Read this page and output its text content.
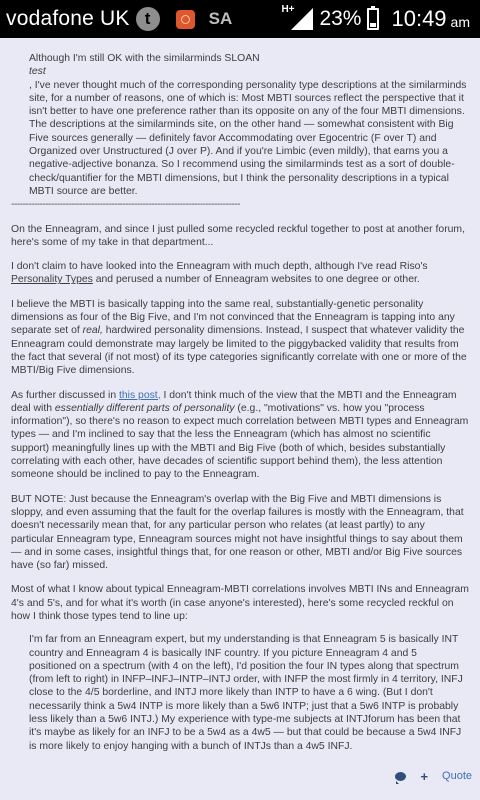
vodafone UK t	SA	H+ 23% 10:49 am

Although I'm still OK with the similarminds SLOAN

test

, I've never thought much of the corresponding personality type descriptions at the similarminds site, for a number of reasons, one of which is: Most MBTI sources reflect the perspective that it isn't better to have one preference rather than its opposite on any of the four MBTI dimensions. The descriptions at the similarminds site, on the other hand — somewhat consistent with Big Five sources generally — definitely favor Accommodating over Egocentric (F over T) and Organized over Unstructured (J over P). And if you're Limbic (even mildly), that earns you a negative-adjective bonanza. So I recommend using the similarminds test as a sort of double-check/quantifier for the MBTI dimensions, but I think the personality descriptions in a typical MBTI source are better.

--------------------------------------------------------------------------------

On the Enneagram, and since I just pulled some recycled reckful together to post at another forum, here's some of my take in that department...

I don't claim to have looked into the Enneagram with much depth, although I've read Riso's Personality Types and perused a number of Enneagram websites to one degree or other.

I believe the MBTI is basically tapping into the same real, substantially-genetic personality dimensions as four of the Big Five, and I'm not convinced that the Enneagram is tapping into any separate set of real, hardwired personality dimensions. Instead, I suspect that whatever validity the Enneagram could demonstrate may largely be limited to the piggybacked validity that results from the fact that several (if not most) of its type categories significantly correlate with one or more of the MBTI/Big Five dimensions.

As further discussed in this post, I don't think much of the view that the MBTI and the Enneagram deal with essentially different parts of personality (e.g., "motivations" vs. how you "process information"), so there's no reason to expect much correlation between MBTI types and Enneagram types — and I'm inclined to say that the less the Enneagram (which has almost no scientific support) meaningfully lines up with the MBTI and Big Five (both of which, besides substantially correlating with each other, have decades of scientific support behind them), the less attention someone should be inclined to pay to the Enneagram.

BUT NOTE: Just because the Enneagram's overlap with the Big Five and MBTI dimensions is sloppy, and even assuming that the fault for the overlap failures is mostly with the Enneagram, that doesn't necessarily mean that, for any particular person who relates (at least partly) to any particular Enneagram type, Enneagram sources might not have insightful things to say about them — and in some cases, insightful things that, for one reason or other, MBTI and/or Big Five sources have (so far) missed.

Most of what I know about typical Enneagram-MBTI correlations involves MBTI INs and Enneagram 4's and 5's, and for what it's worth (in case anyone's interested), here's some recycled reckful on how I think those types tend to line up:

I'm far from an Enneagram expert, but my understanding is that Enneagram 5 is basically INT country and Enneagram 4 is basically INF country. If you picture Enneagram 4 and 5 positioned on a spectrum (with 4 on the left), I'd position the four IN types along that spectrum (from left to right) in INFP–INFJ–INTP–INTJ order, with INFP the most firmly in 4 territory, INFJ close to the 4/5 borderline, and INTJ more likely than INTP to have a 6 wing. (But I don't necessarily think a 5w4 INTP is more likely than a 5w6 INTP; just that a 5w6 INTP is probably less likely than a 5w6 INTJ.) My experience with type-me subjects at INTJforum has been that it's maybe as likely for an INFJ to be a 5w4 as a 4w5 — but that could be because a 5w4 INFJ is more likely to enjoy hanging with a bunch of INTJs than a 4w5 INFJ.

+ Quote
